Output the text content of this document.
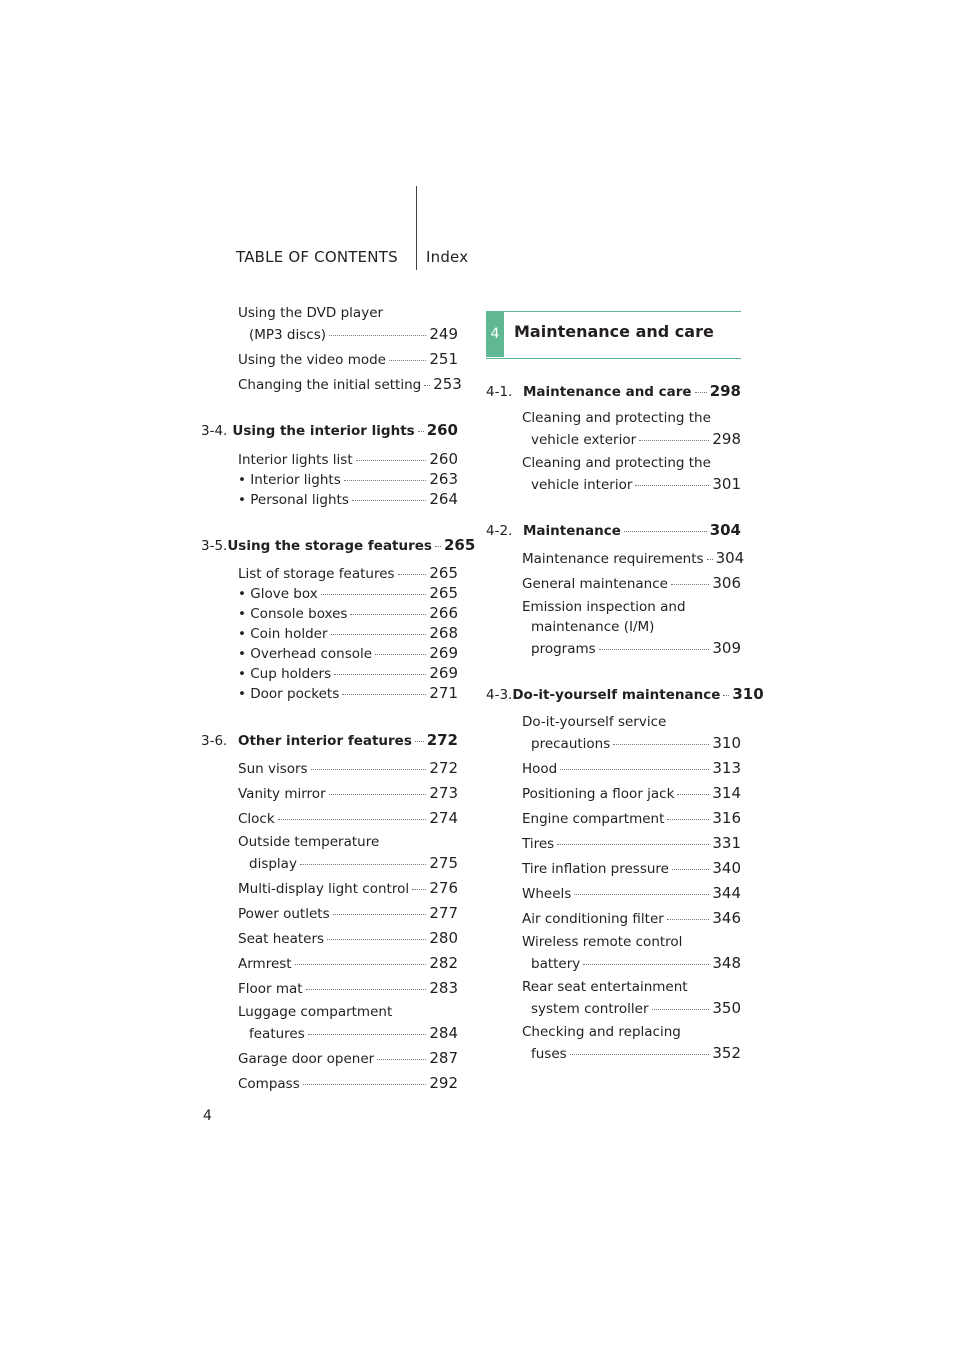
TABLE OF CONTENTS Index
Using the DVD player
(MP3 discs)	249
Using the video mode	251
Changing the initial setting 253
3-4. Using the interior lights 260
Interior lights list	260
• Interior lights	263
• Personal lights	264
3-5. Using the storage features 265
List of storage features 265
• Glove box	265
• Console boxes	266
• Coin holder	268
• Overhead console	269
• Cup holders	269
• Door pockets	271
3-6. Other interior features 272
Sun visors	272
Vanity mirror	273
Clock	274
Outside temperature
display	275
Multi-display light control 276
Power outlets	277
Seat heaters	280
Armrest	282
Floor mat	283
Luggage compartment
features	284
Garage door opener	287
Compass	292
4 Maintenance and care
4-1. Maintenance and care 298
Cleaning and protecting the
vehicle exterior	298
Cleaning and protecting the
vehicle interior	301
4-2. Maintenance	304
Maintenance requirements 304
General maintenance	306
Emission inspection and
maintenance (I/M)
programs	309
4-3. Do-it-yourself maintenance 310
Do-it-yourself service
precautions	310
Hood	313
Positioning a floor jack	314
Engine compartment	316
Tires	331
Tire inflation pressure	340
Wheels	344
Air conditioning filter	346
Wireless remote control
battery	348
Rear seat entertainment
system controller	350
Checking and replacing
fuses	352
4
